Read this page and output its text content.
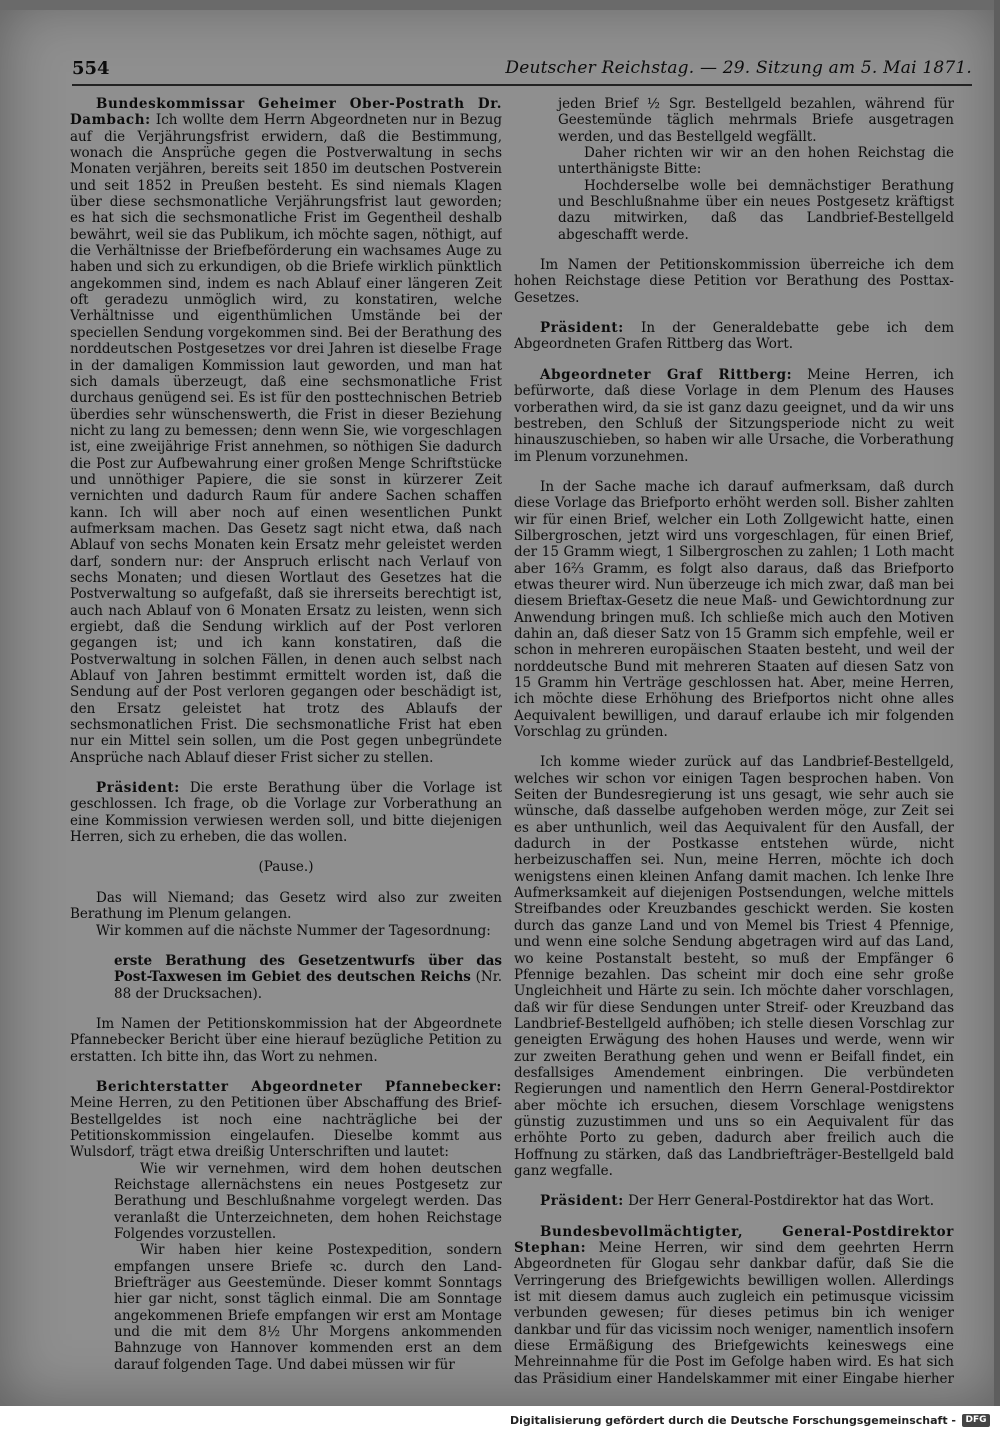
554	Deutscher Reichstag. — 29. Sitzung am 5. Mai 1871.

Bundeskommissar Geheimer Ober-Postrath Dr. Dambach: Ich wollte dem Herrn Abgeordneten nur in Bezug auf die Verjährungsfrist erwidern, daß die Bestimmung, wonach die Ansprüche gegen die Postverwaltung in sechs Monaten verjähren, bereits seit 1850 im deutschen Postverein und seit 1852 in Preußen besteht. Es sind niemals Klagen über diese sechsmonatliche Verjährungsfrist laut geworden; es hat sich die sechsmonatliche Frist im Gegentheil deshalb bewährt, weil sie das Publikum, ich möchte sagen, nöthigt, auf die Verhältnisse der Briefbeförderung ein wachsames Auge zu haben und sich zu erkundigen, ob die Briefe wirklich pünktlich angekommen sind, indem es nach Ablauf einer längeren Zeit oft geradezu unmöglich wird, zu konstatiren, welche Verhältnisse und eigenthümlichen Umstände bei der speciellen Sendung vorgekommen sind. Bei der Berathung des norddeutschen Postgesetzes vor drei Jahren ist dieselbe Frage in der damaligen Kommission laut geworden, und man hat sich damals überzeugt, daß eine sechsmonatliche Frist durchaus genügend sei. Es ist für den posttechnischen Betrieb überdies sehr wünschenswerth, die Frist in dieser Beziehung nicht zu lang zu bemessen; denn wenn Sie, wie vorgeschlagen ist, eine zweijährige Frist annehmen, so nöthigen Sie dadurch die Post zur Aufbewahrung einer großen Menge Schriftstücke und unnöthiger Papiere, die sie sonst in kürzerer Zeit vernichten und dadurch Raum für andere Sachen schaffen kann. Ich will aber noch auf einen wesentlichen Punkt aufmerksam machen. Das Gesetz sagt nicht etwa, daß nach Ablauf von sechs Monaten kein Ersatz mehr geleistet werden darf, sondern nur: der Anspruch erlischt nach Verlauf von sechs Monaten; und diesen Wortlaut des Gesetzes hat die Postverwaltung so aufgefaßt, daß sie ihrerseits berechtigt ist, auch nach Ablauf von 6 Monaten Ersatz zu leisten, wenn sich ergiebt, daß die Sendung wirklich auf der Post verloren gegangen ist; und ich kann konstatiren, daß die Postverwaltung in solchen Fällen, in denen auch selbst nach Ablauf von Jahren bestimmt ermittelt worden ist, daß die Sendung auf der Post verloren gegangen oder beschädigt ist, den Ersatz geleistet hat trotz des Ablaufs der sechsmonatlichen Frist. Die sechsmonatliche Frist hat eben nur ein Mittel sein sollen, um die Post gegen unbegründete Ansprüche nach Ablauf dieser Frist sicher zu stellen.

Präsident: Die erste Berathung über die Vorlage ist geschlossen. Ich frage, ob die Vorlage zur Vorberathung an eine Kommission verwiesen werden soll, und bitte diejenigen Herren, sich zu erheben, die das wollen.

(Pause.)

Das will Niemand; das Gesetz wird also zur zweiten Berathung im Plenum gelangen.

Wir kommen auf die nächste Nummer der Tagesordnung:

erste Berathung des Gesetzentwurfs über das Post-Taxwesen im Gebiet des deutschen Reichs (Nr. 88 der Drucksachen).

Im Namen der Petitionskommission hat der Abgeordnete Pfannebecker Bericht über eine hierauf bezügliche Petition zu erstatten. Ich bitte ihn, das Wort zu nehmen.

Berichterstatter Abgeordneter Pfannebecker: Meine Herren, zu den Petitionen über Abschaffung des Brief-Bestellgeldes ist noch eine nachträgliche bei der Petitionskommission eingelaufen. Dieselbe kommt aus Wulsdorf, trägt etwa dreißig Unterschriften und lautet:

Wie wir vernehmen, wird dem hohen deutschen Reichstage allernächstens ein neues Postgesetz zur Berathung und Beschlußnahme vorgelegt werden. Das veranlaßt die Unterzeichneten, dem hohen Reichstage Folgendes vorzustellen.

Wir haben hier keine Postexpedition, sondern empfangen unsere Briefe ꝛc. durch den Land-Briefträger aus Geestemünde. Dieser kommt Sonntags hier gar nicht, sonst täglich einmal. Die am Sonntage angekommenen Briefe empfangen wir erst am Montage und die mit dem 8½ Uhr Morgens ankommenden Bahnzuge von Hannover kommenden erst an dem darauf folgenden Tage. Und dabei müssen wir für

jeden Brief ½ Sgr. Bestellgeld bezahlen, während für Geestemünde täglich mehrmals Briefe ausgetragen werden, und das Bestellgeld wegfällt.

Daher richten wir wir an den hohen Reichstag die unterthänigste Bitte:

Hochderselbe wolle bei demnächstiger Berathung und Beschlußnahme über ein neues Postgesetz kräftigst dazu mitwirken, daß das Landbrief-Bestellgeld abgeschafft werde.

Im Namen der Petitionskommission überreiche ich dem hohen Reichstage diese Petition vor Berathung des Posttax-Gesetzes.

Präsident: In der Generaldebatte gebe ich dem Abgeordneten Grafen Rittberg das Wort.

Abgeordneter Graf Rittberg: Meine Herren, ich befürworte, daß diese Vorlage in dem Plenum des Hauses vorberathen wird, da sie ist ganz dazu geeignet, und da wir uns bestreben, den Schluß der Sitzungsperiode nicht zu weit hinauszuschieben, so haben wir alle Ursache, die Vorberathung im Plenum vorzunehmen.

In der Sache mache ich darauf aufmerksam, daß durch diese Vorlage das Briefporto erhöht werden soll. Bisher zahlten wir für einen Brief, welcher ein Loth Zollgewicht hatte, einen Silbergroschen, jetzt wird uns vorgeschlagen, für einen Brief, der 15 Gramm wiegt, 1 Silbergroschen zu zahlen; 1 Loth macht aber 16⅔ Gramm, es folgt also daraus, daß das Briefporto etwas theurer wird. Nun überzeuge ich mich zwar, daß man bei diesem Brieftax-Gesetz die neue Maß- und Gewichtordnung zur Anwendung bringen muß. Ich schließe mich auch den Motiven dahin an, daß dieser Satz von 15 Gramm sich empfehle, weil er schon in mehreren europäischen Staaten besteht, und weil der norddeutsche Bund mit mehreren Staaten auf diesen Satz von 15 Gramm hin Verträge geschlossen hat. Aber, meine Herren, ich möchte diese Erhöhung des Briefportos nicht ohne alles Aequivalent bewilligen, und darauf erlaube ich mir folgenden Vorschlag zu gründen.

Ich komme wieder zurück auf das Landbrief-Bestellgeld, welches wir schon vor einigen Tagen besprochen haben. Von Seiten der Bundesregierung ist uns gesagt, wie sehr auch sie wünsche, daß dasselbe aufgehoben werden möge, zur Zeit sei es aber unthunlich, weil das Aequivalent für den Ausfall, der dadurch in der Postkasse entstehen würde, nicht herbeizuschaffen sei. Nun, meine Herren, möchte ich doch wenigstens einen kleinen Anfang damit machen. Ich lenke Ihre Aufmerksamkeit auf diejenigen Postsendungen, welche mittels Streifbandes oder Kreuzbandes geschickt werden. Sie kosten durch das ganze Land und von Memel bis Triest 4 Pfennige, und wenn eine solche Sendung abgetragen wird auf das Land, wo keine Postanstalt besteht, so muß der Empfänger 6 Pfennige bezahlen. Das scheint mir doch eine sehr große Ungleichheit und Härte zu sein. Ich möchte daher vorschlagen, daß wir für diese Sendungen unter Streif- oder Kreuzband das Landbrief-Bestellgeld aufhöben; ich stelle diesen Vorschlag zur geneigten Erwägung des hohen Hauses und werde, wenn wir zur zweiten Berathung gehen und wenn er Beifall findet, ein desfallsiges Amendement einbringen. Die verbündeten Regierungen und namentlich den Herrn General-Postdirektor aber möchte ich ersuchen, diesem Vorschlage wenigstens günstig zuzustimmen und uns so ein Aequivalent für das erhöhte Porto zu geben, dadurch aber freilich auch die Hoffnung zu stärken, daß das Landbriefträger-Bestellgeld bald ganz wegfalle.

Präsident: Der Herr General-Postdirektor hat das Wort.

Bundesbevollmächtigter, General-Postdirektor Stephan: Meine Herren, wir sind dem geehrten Herrn Abgeordneten für Glogau sehr dankbar dafür, daß Sie die Verringerung des Briefgewichts bewilligen wollen. Allerdings ist mit diesem damus auch zugleich ein petimusque vicissim verbunden gewesen; für dieses petimus bin ich weniger dankbar und für das vicissim noch weniger, namentlich insofern diese Ermäßigung des Briefgewichts keineswegs eine Mehreinnahme für die Post im Gefolge haben wird. Es hat sich das Präsidium einer Handelskammer mit einer Eingabe hierher

Digitalisierung gefördert durch die Deutsche Forschungsgemeinschaft -	DFG
